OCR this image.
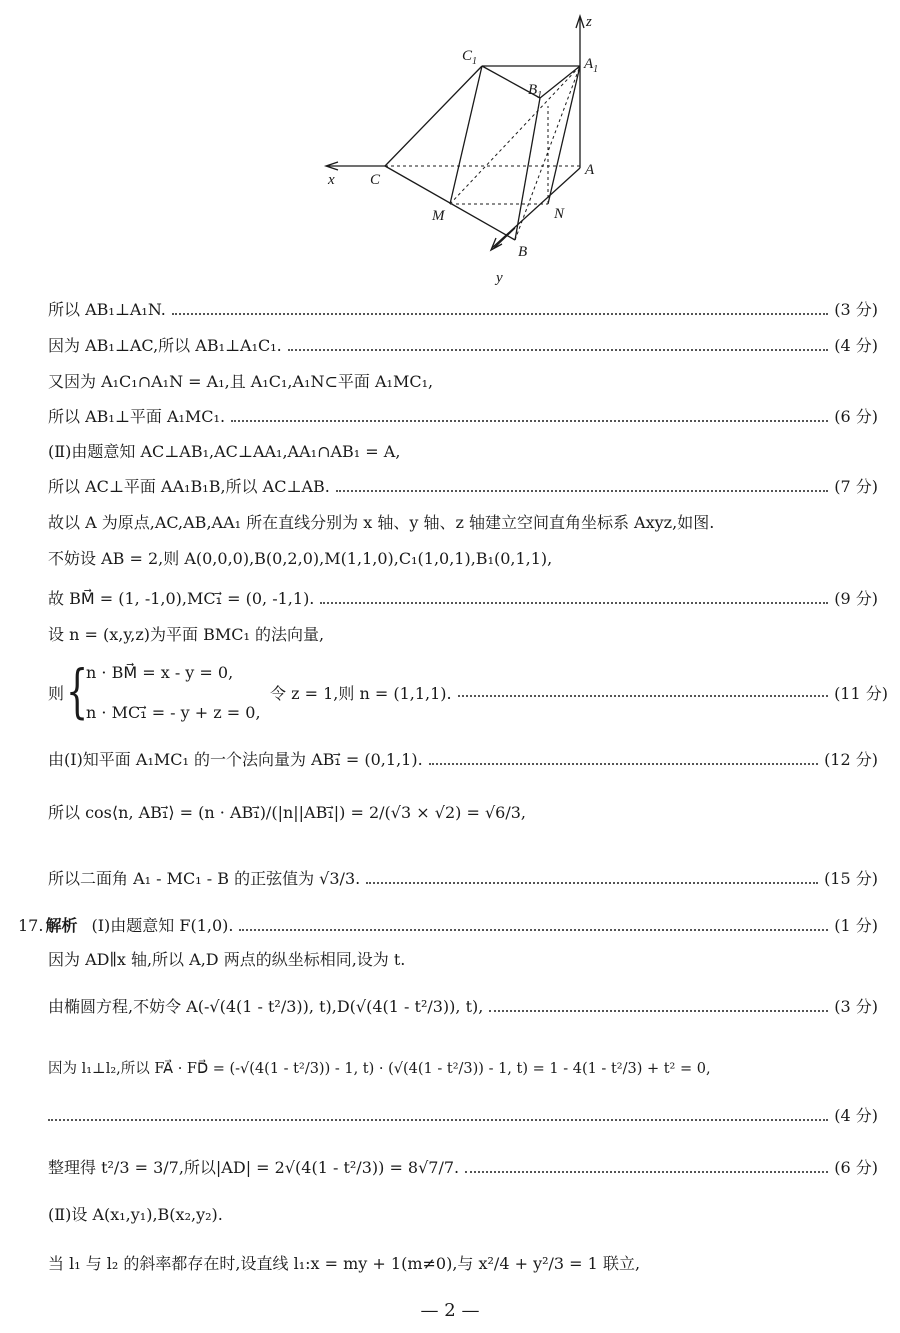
z
x
y
$C_1$	$A_1$
$B_1$
A
C
M	N
B
所以 AB₁⊥A₁N.	(3 分)
因为 AB₁⊥AC,所以 AB₁⊥A₁C₁.	(4 分)
又因为 A₁C₁∩A₁N = A₁,且 A₁C₁,A₁N⊂平面 A₁MC₁,
所以 AB₁⊥平面 A₁MC₁.	(6 分)
(Ⅱ)由题意知 AC⊥AB₁,AC⊥AA₁,AA₁∩AB₁ = A,
所以 AC⊥平面 AA₁B₁B,所以 AC⊥AB.	(7 分)
故以 A 为原点,AC,AB,AA₁ 所在直线分别为 x 轴、y 轴、z 轴建立空间直角坐标系 Axyz,如图.
不妨设 AB = 2,则 A(0,0,0),B(0,2,0),M(1,1,0),C₁(1,0,1),B₁(0,1,1),
故 BM⃗ = (1, -1,0),MC₁⃗ = (0, -1,1).	(9 分)
设 n = (x,y,z)为平面 BMC₁ 的法向量,
则 {
n · BM⃗ = x - y = 0,
n · MC₁⃗ = - y + z = 0,
令 z = 1,则 n = (1,1,1).	(11 分)
由(Ⅰ)知平面 A₁MC₁ 的一个法向量为 AB₁⃗ = (0,1,1).	(12 分)
所以 cos⟨n, AB₁⃗⟩ = (n · AB₁⃗)/(|n||AB₁⃗|) = 2/(√3 × √2) = √6/3,
所以二面角 A₁ - MC₁ - B 的正弦值为 √3/3.	(15 分)
17. 解析 (Ⅰ)由题意知 F(1,0).	(1 分)
因为 AD∥x 轴,所以 A,D 两点的纵坐标相同,设为 t.
由椭圆方程,不妨令 A(-√(4(1 - t²/3)), t),D(√(4(1 - t²/3)), t),	(3 分)
因为 l₁⊥l₂,所以 FA⃗ · FD⃗ = (-√(4(1 - t²/3)) - 1, t) · (√(4(1 - t²/3)) - 1, t) = 1 - 4(1 - t²/3) + t² = 0,
(4 分)
整理得 t²/3 = 3/7,所以|AD| = 2√(4(1 - t²/3)) = 8√7/7.	(6 分)
(Ⅱ)设 A(x₁,y₁),B(x₂,y₂).
当 l₁ 与 l₂ 的斜率都存在时,设直线 l₁:x = my + 1(m≠0),与 x²/4 + y²/3 = 1 联立,
— 2 —
